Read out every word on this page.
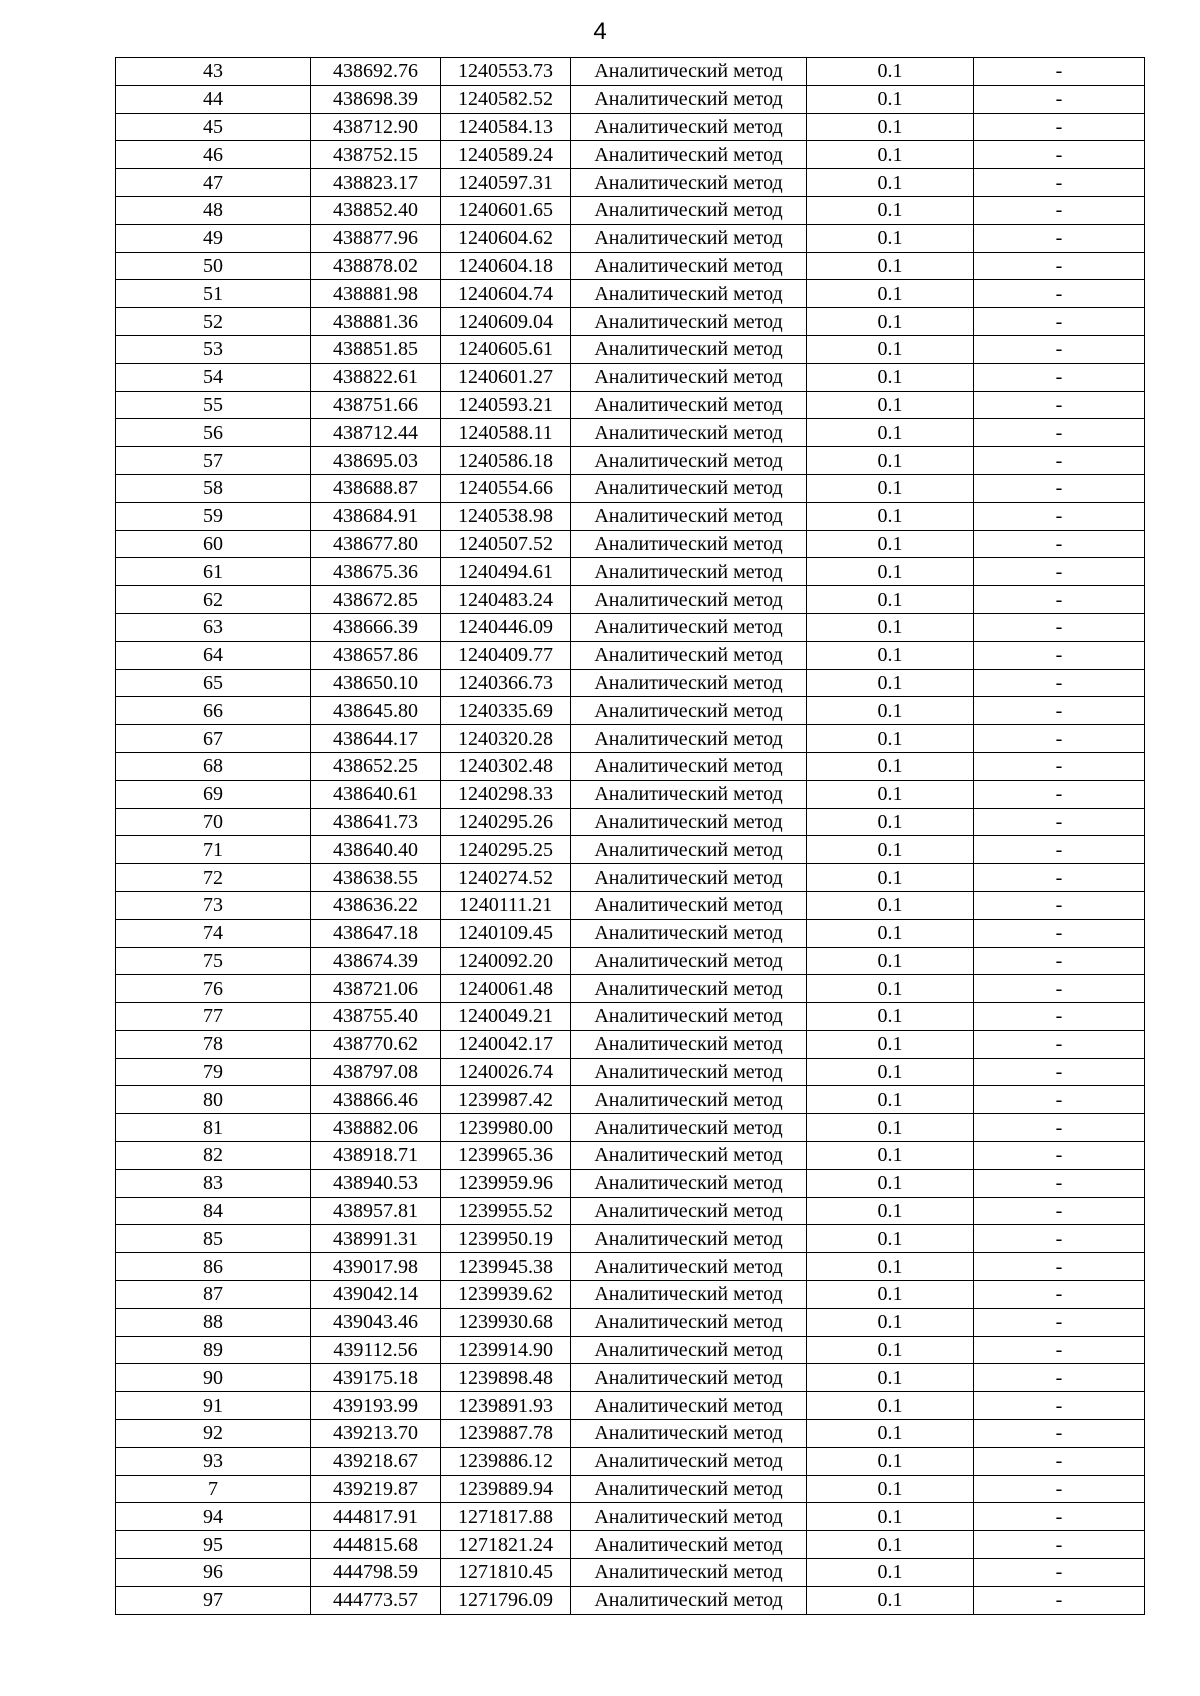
4
43	438692.76	1240553.73	Аналитический метод	0.1	-
44	438698.39	1240582.52	Аналитический метод	0.1	-
45	438712.90	1240584.13	Аналитический метод	0.1	-
46	438752.15	1240589.24	Аналитический метод	0.1	-
47	438823.17	1240597.31	Аналитический метод	0.1	-
48	438852.40	1240601.65	Аналитический метод	0.1	-
49	438877.96	1240604.62	Аналитический метод	0.1	-
50	438878.02	1240604.18	Аналитический метод	0.1	-
51	438881.98	1240604.74	Аналитический метод	0.1	-
52	438881.36	1240609.04	Аналитический метод	0.1	-
53	438851.85	1240605.61	Аналитический метод	0.1	-
54	438822.61	1240601.27	Аналитический метод	0.1	-
55	438751.66	1240593.21	Аналитический метод	0.1	-
56	438712.44	1240588.11	Аналитический метод	0.1	-
57	438695.03	1240586.18	Аналитический метод	0.1	-
58	438688.87	1240554.66	Аналитический метод	0.1	-
59	438684.91	1240538.98	Аналитический метод	0.1	-
60	438677.80	1240507.52	Аналитический метод	0.1	-
61	438675.36	1240494.61	Аналитический метод	0.1	-
62	438672.85	1240483.24	Аналитический метод	0.1	-
63	438666.39	1240446.09	Аналитический метод	0.1	-
64	438657.86	1240409.77	Аналитический метод	0.1	-
65	438650.10	1240366.73	Аналитический метод	0.1	-
66	438645.80	1240335.69	Аналитический метод	0.1	-
67	438644.17	1240320.28	Аналитический метод	0.1	-
68	438652.25	1240302.48	Аналитический метод	0.1	-
69	438640.61	1240298.33	Аналитический метод	0.1	-
70	438641.73	1240295.26	Аналитический метод	0.1	-
71	438640.40	1240295.25	Аналитический метод	0.1	-
72	438638.55	1240274.52	Аналитический метод	0.1	-
73	438636.22	1240111.21	Аналитический метод	0.1	-
74	438647.18	1240109.45	Аналитический метод	0.1	-
75	438674.39	1240092.20	Аналитический метод	0.1	-
76	438721.06	1240061.48	Аналитический метод	0.1	-
77	438755.40	1240049.21	Аналитический метод	0.1	-
78	438770.62	1240042.17	Аналитический метод	0.1	-
79	438797.08	1240026.74	Аналитический метод	0.1	-
80	438866.46	1239987.42	Аналитический метод	0.1	-
81	438882.06	1239980.00	Аналитический метод	0.1	-
82	438918.71	1239965.36	Аналитический метод	0.1	-
83	438940.53	1239959.96	Аналитический метод	0.1	-
84	438957.81	1239955.52	Аналитический метод	0.1	-
85	438991.31	1239950.19	Аналитический метод	0.1	-
86	439017.98	1239945.38	Аналитический метод	0.1	-
87	439042.14	1239939.62	Аналитический метод	0.1	-
88	439043.46	1239930.68	Аналитический метод	0.1	-
89	439112.56	1239914.90	Аналитический метод	0.1	-
90	439175.18	1239898.48	Аналитический метод	0.1	-
91	439193.99	1239891.93	Аналитический метод	0.1	-
92	439213.70	1239887.78	Аналитический метод	0.1	-
93	439218.67	1239886.12	Аналитический метод	0.1	-
7	439219.87	1239889.94	Аналитический метод	0.1	-
94	444817.91	1271817.88	Аналитический метод	0.1	-
95	444815.68	1271821.24	Аналитический метод	0.1	-
96	444798.59	1271810.45	Аналитический метод	0.1	-
97	444773.57	1271796.09	Аналитический метод	0.1	-
